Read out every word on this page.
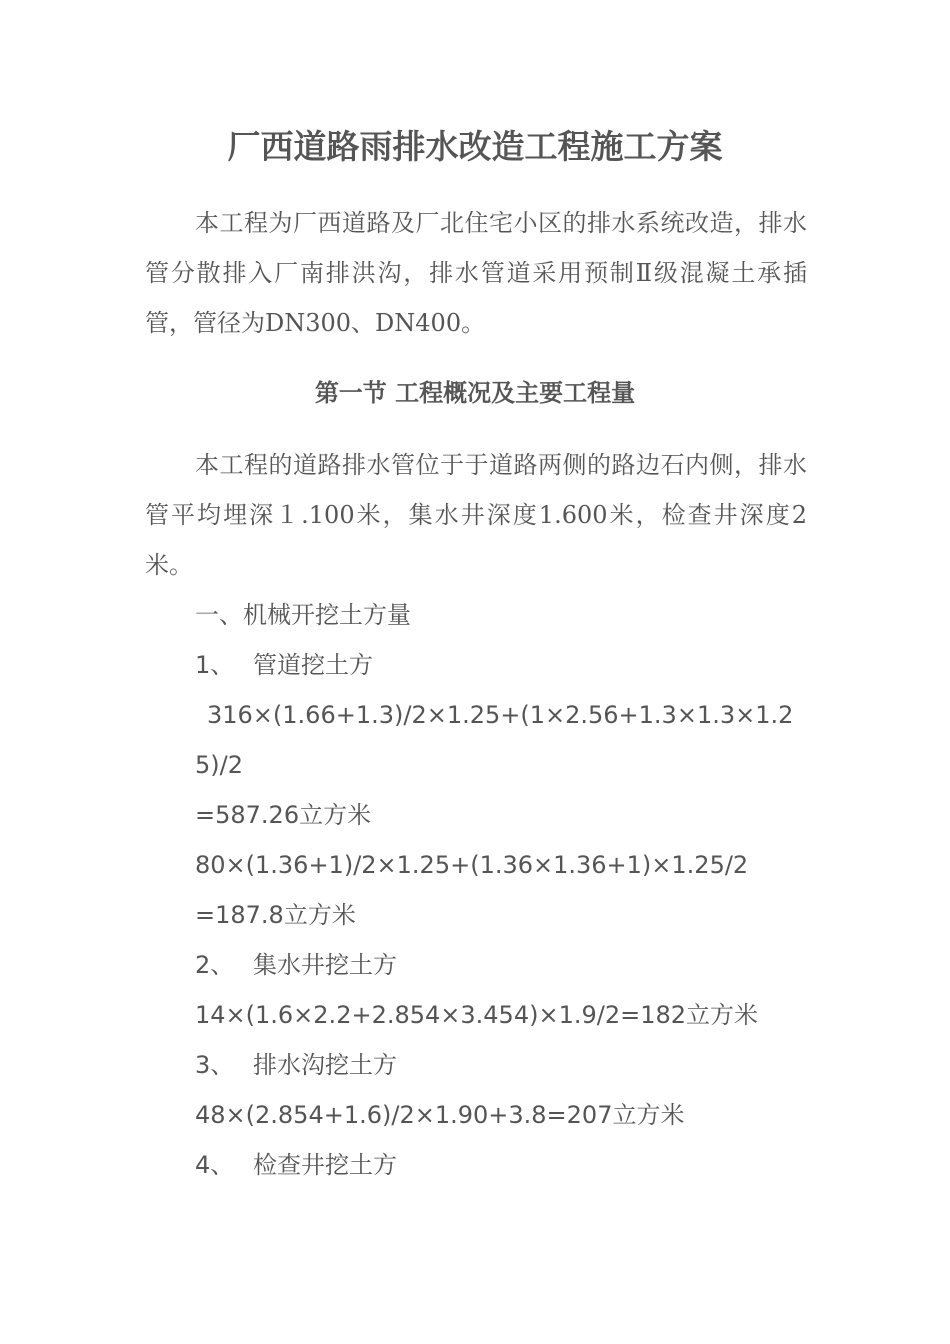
厂西道路雨排水改造工程施工方案

本工程为厂西道路及厂北住宅小区的排水系统改造，排水管分散排入厂南排洪沟，排水管道采用预制Ⅱ级混凝土承插管，管径为DN300、DN400。

第一节 工程概况及主要工程量

本工程的道路排水管位于于道路两侧的路边石内侧，排水管平均埋深１.100米，集水井深度1.600米，检查井深度2米。

一、机械开挖土方量

1、 管道挖土方

316×(1.66+1.3)/2×1.25+(1×2.56+1.3×1.3×1.25)/2

=587.26立方米

80×(1.36+1)/2×1.25+(1.36×1.36+1)×1.25/2

=187.8立方米

2、 集水井挖土方

14×(1.6×2.2+2.854×3.454)×1.9/2=182立方米

3、 排水沟挖土方

48×(2.854+1.6)/2×1.90+3.8=207立方米

4、 检查井挖土方
